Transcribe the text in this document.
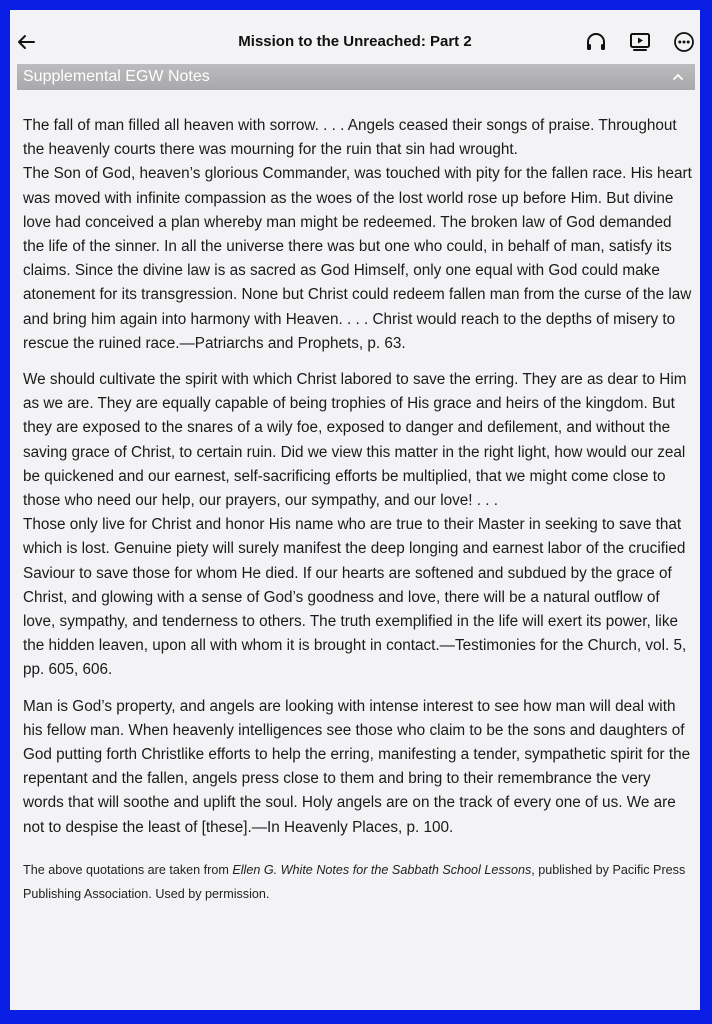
Mission to the Unreached: Part 2
Supplemental EGW Notes

The fall of man filled all heaven with sorrow. . . . Angels ceased their songs of praise. Throughout the heavenly courts there was mourning for the ruin that sin had wrought.

The Son of God, heaven’s glorious Commander, was touched with pity for the fallen race. His heart was moved with infinite compassion as the woes of the lost world rose up before Him. But divine love had conceived a plan whereby man might be redeemed. The broken law of God demanded the life of the sinner. In all the universe there was but one who could, in behalf of man, satisfy its claims. Since the divine law is as sacred as God Himself, only one equal with God could make atonement for its transgression. None but Christ could redeem fallen man from the curse of the law and bring him again into harmony with Heaven. . . . Christ would reach to the depths of misery to rescue the ruined race.—Patriarchs and Prophets, p. 63.

We should cultivate the spirit with which Christ labored to save the erring. They are as dear to Him as we are. They are equally capable of being trophies of His grace and heirs of the kingdom. But they are exposed to the snares of a wily foe, exposed to danger and defilement, and without the saving grace of Christ, to certain ruin. Did we view this matter in the right light, how would our zeal be quickened and our earnest, self-sacrificing efforts be multiplied, that we might come close to those who need our help, our prayers, our sympathy, and our love! . . .

Those only live for Christ and honor His name who are true to their Master in seeking to save that which is lost. Genuine piety will surely manifest the deep longing and earnest labor of the crucified Saviour to save those for whom He died. If our hearts are softened and subdued by the grace of Christ, and glowing with a sense of God’s goodness and love, there will be a natural outflow of love, sympathy, and tenderness to others. The truth exemplified in the life will exert its power, like the hidden leaven, upon all with whom it is brought in contact.—Testimonies for the Church, vol. 5, pp. 605, 606.

Man is God’s property, and angels are looking with intense interest to see how man will deal with his fellow man. When heavenly intelligences see those who claim to be the sons and daughters of God putting forth Christlike efforts to help the erring, manifesting a tender, sympathetic spirit for the repentant and the fallen, angels press close to them and bring to their remembrance the very words that will soothe and uplift the soul. Holy angels are on the track of every one of us. We are not to despise the least of [these].—In Heavenly Places, p. 100.

The above quotations are taken from Ellen G. White Notes for the Sabbath School Lessons, published by Pacific Press Publishing Association. Used by permission.
